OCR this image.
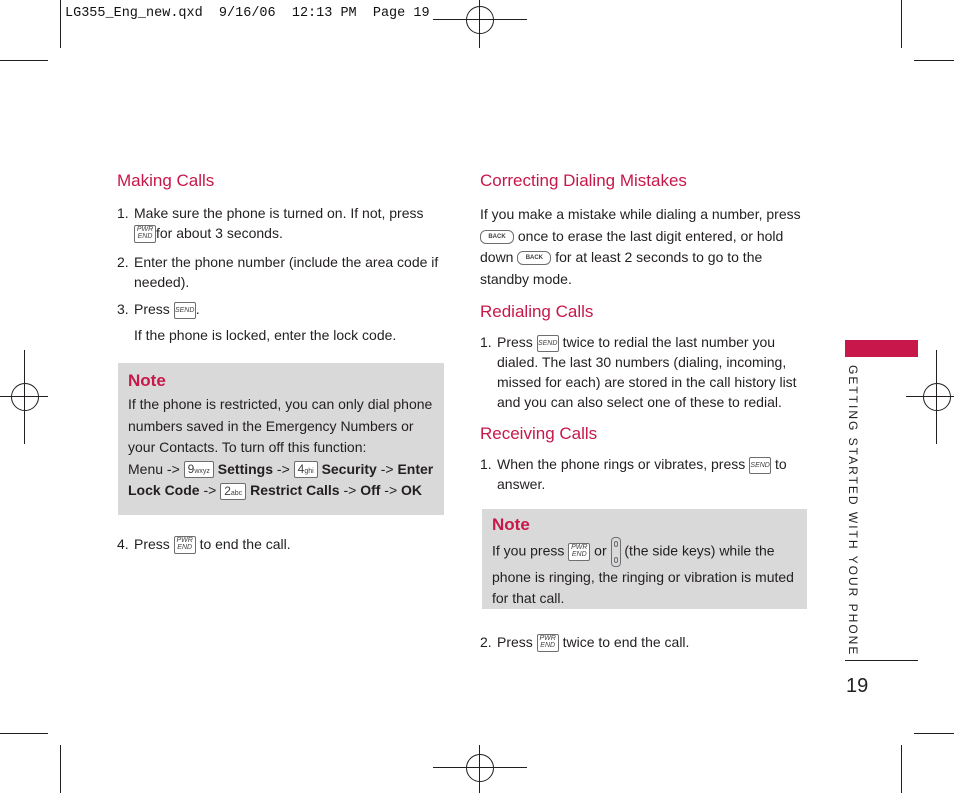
LG355_Eng_new.qxd  9/16/06  12:13 PM  Page 19
Making Calls
1. Make sure the phone is turned on. If not, press PWR END for about 3 seconds.
2. Enter the phone number (include the area code if needed).
3. Press SEND.
If the phone is locked, enter the lock code.
Note
If the phone is restricted, you can only dial phone numbers saved in the Emergency Numbers or your Contacts. To turn off this function:
Menu -> 9wxyz Settings -> 4ghi Security -> Enter Lock Code -> 2abc Restrict Calls -> Off -> OK
4. Press PWR END to end the call.
Correcting Dialing Mistakes
If you make a mistake while dialing a number, press BACK once to erase the last digit entered, or hold down BACK for at least 2 seconds to go to the standby mode.
Redialing Calls
1. Press SEND twice to redial the last number you dialed. The last 30 numbers (dialing, incoming, missed for each) are stored in the call history list and you can also select one of these to redial.
Receiving Calls
1. When the phone rings or vibrates, press SEND to answer.
Note
If you press PWR END or (the side keys) while the phone is ringing, the ringing or vibration is muted for that call.
2. Press PWR END twice to end the call.	GETTING STARTED WITH YOUR PHONE
19
